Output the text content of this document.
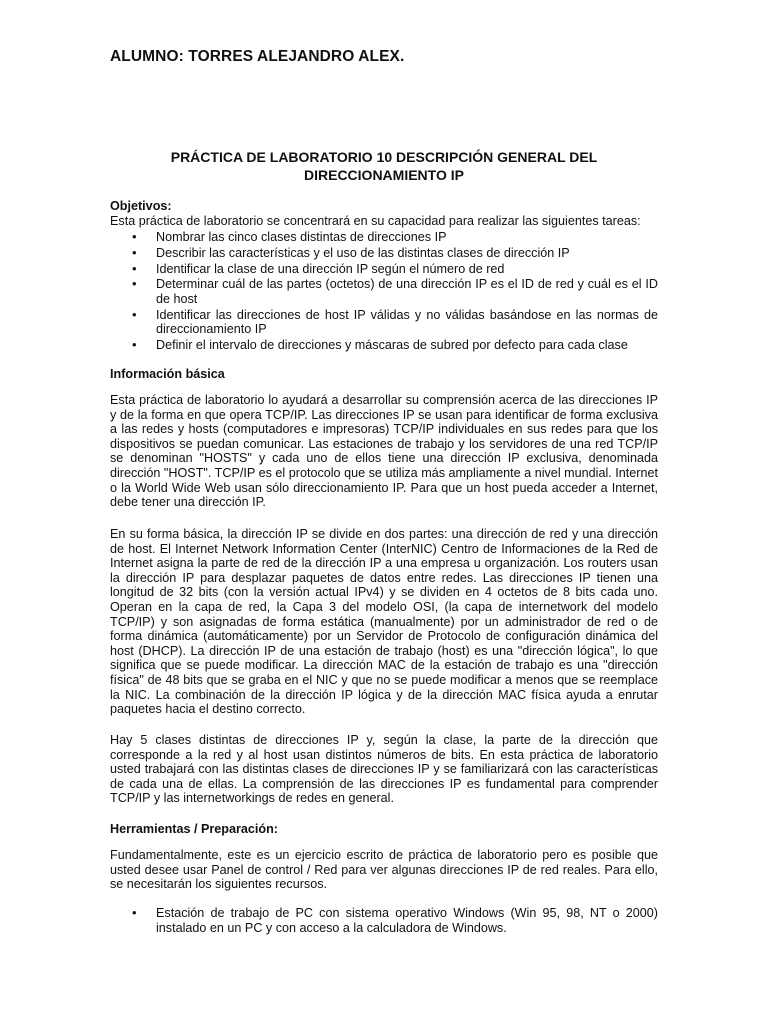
ALUMNO: TORRES ALEJANDRO ALEX.
PRÁCTICA DE LABORATORIO 10 DESCRIPCIÓN GENERAL DEL
DIRECCIONAMIENTO IP
Objetivos:
Esta práctica de laboratorio se concentrará en su capacidad para realizar las siguientes tareas:
• Nombrar las cinco clases distintas de direcciones IP
• Describir las características y el uso de las distintas clases de dirección IP
• Identificar la clase de una dirección IP según el número de red
• Determinar cuál de las partes (octetos) de una dirección IP es el ID de red y cuál es el ID de host
• Identificar las direcciones de host IP válidas y no válidas basándose en las normas de direccionamiento IP
• Definir el intervalo de direcciones y máscaras de subred por defecto para cada clase
Información básica

Esta práctica de laboratorio lo ayudará a desarrollar su comprensión acerca de las direcciones IP y de la forma en que opera TCP/IP. Las direcciones IP se usan para identificar de forma exclusiva a las redes y hosts (computadores e impresoras) TCP/IP individuales en sus redes para que los dispositivos se puedan comunicar. Las estaciones de trabajo y los servidores de una red TCP/IP se denominan "HOSTS" y cada uno de ellos tiene una dirección IP exclusiva, denominada dirección "HOST". TCP/IP es el protocolo que se utiliza más ampliamente a nivel mundial. Internet o la World Wide Web usan sólo direccionamiento IP. Para que un host pueda acceder a Internet, debe tener una dirección IP.

En su forma básica, la dirección IP se divide en dos partes: una dirección de red y una dirección de host. El Internet Network Information Center (InterNIC) Centro de Informaciones de la Red de Internet asigna la parte de red de la dirección IP a una empresa u organización. Los routers usan la dirección IP para desplazar paquetes de datos entre redes. Las direcciones IP tienen una longitud de 32 bits (con la versión actual IPv4) y se dividen en 4 octetos de 8 bits cada uno. Operan en la capa de red, la Capa 3 del modelo OSI, (la capa de internetwork del modelo TCP/IP) y son asignadas de forma estática (manualmente) por un administrador de red o de forma dinámica (automáticamente) por un Servidor de Protocolo de configuración dinámica del host (DHCP). La dirección IP de una estación de trabajo (host) es una "dirección lógica", lo que significa que se puede modificar. La dirección MAC de la estación de trabajo es una "dirección física" de 48 bits que se graba en el NIC y que no se puede modificar a menos que se reemplace la NIC. La combinación de la dirección IP lógica y de la dirección MAC física ayuda a enrutar paquetes hacia el destino correcto.

Hay 5 clases distintas de direcciones IP y, según la clase, la parte de la dirección que corresponde a la red y al host usan distintos números de bits. En esta práctica de laboratorio usted trabajará con las distintas clases de direcciones IP y se familiarizará con las características de cada una de ellas. La comprensión de las direcciones IP es fundamental para comprender TCP/IP y las internetworkings de redes en general.

Herramientas / Preparación:

Fundamentalmente, este es un ejercicio escrito de práctica de laboratorio pero es posible que usted desee usar Panel de control / Red para ver algunas direcciones IP de red reales. Para ello, se necesitarán los siguientes recursos.

• Estación de trabajo de PC con sistema operativo Windows (Win 95, 98, NT o 2000) instalado en un PC y con acceso a la calculadora de Windows.
